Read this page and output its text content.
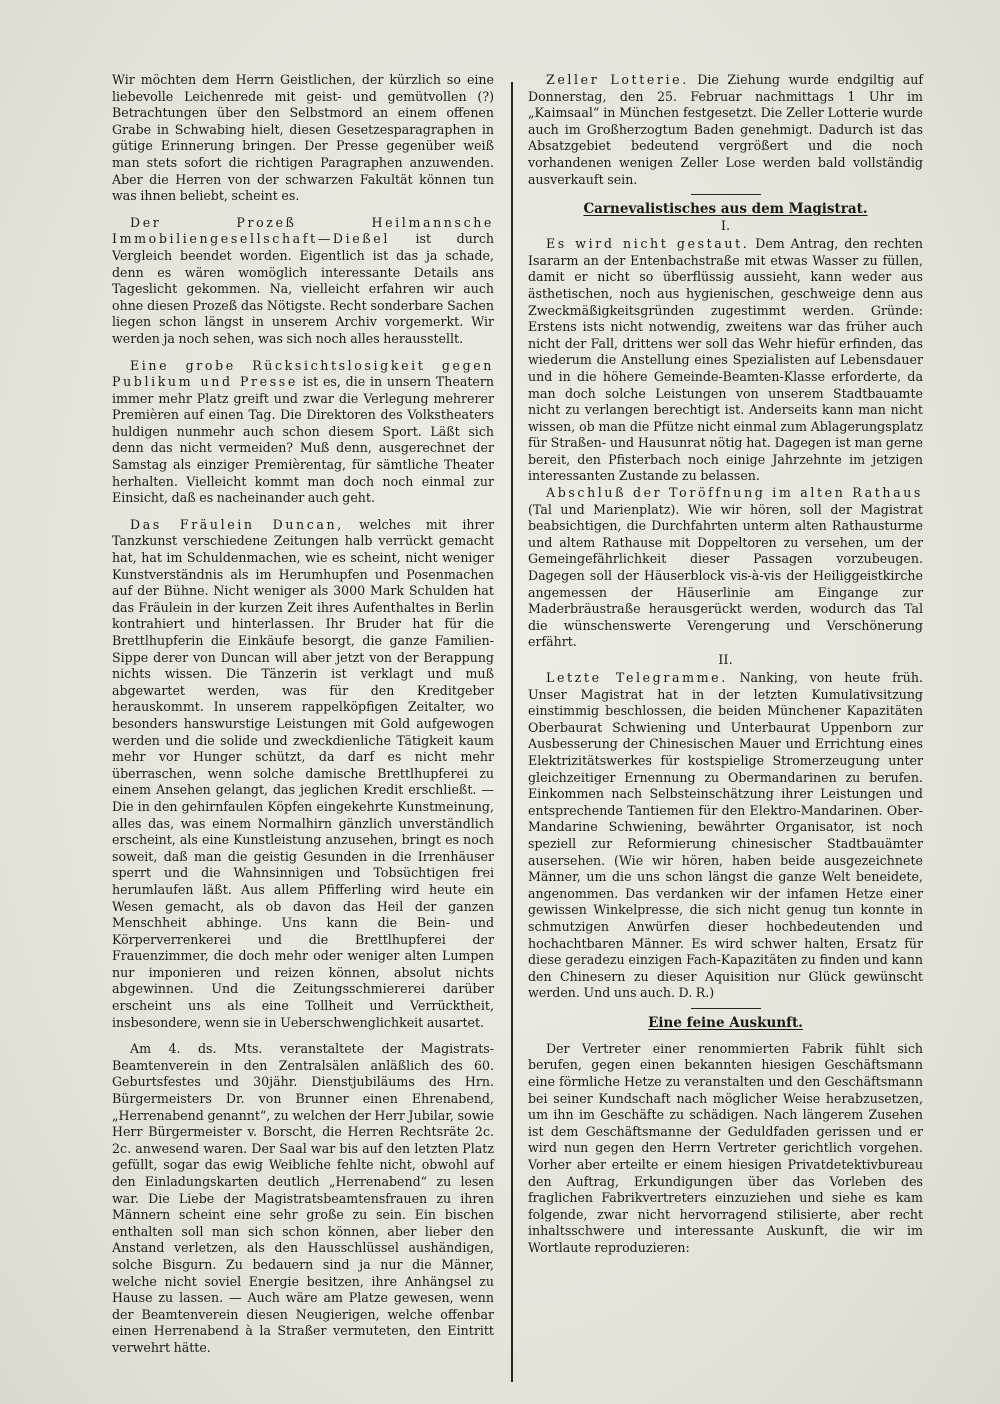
Wir möchten dem Herrn Geistlichen, der kürzlich so eine liebevolle Leichenrede mit geist- und gemütvollen (?) Betrachtungen über den Selbstmord an einem offenen Grabe in Schwabing hielt, diesen Gesetzesparagraphen in gütige Erinnerung bringen. Der Presse gegenüber weiß man stets sofort die richtigen Paragraphen anzuwenden. Aber die Herren von der schwarzen Fakultät können tun was ihnen beliebt, scheint es.

Der Prozeß Heilmannsche Immobiliengesellschaft—Dießel ist durch Vergleich beendet worden. Eigentlich ist das ja schade, denn es wären womöglich interessante Details ans Tageslicht gekommen. Na, vielleicht erfahren wir auch ohne diesen Prozeß das Nötigste. Recht sonderbare Sachen liegen schon längst in unserem Archiv vorgemerkt. Wir werden ja noch sehen, was sich noch alles herausstellt.

Eine grobe Rücksichtslosigkeit gegen Publikum und Presse ist es, die in unsern Theatern immer mehr Platz greift und zwar die Verlegung mehrerer Premièren auf einen Tag. Die Direktoren des Volkstheaters huldigen nunmehr auch schon diesem Sport. Läßt sich denn das nicht vermeiden? Muß denn, ausgerechnet der Samstag als einziger Premièrentag, für sämtliche Theater herhalten. Vielleicht kommt man doch noch einmal zur Einsicht, daß es nacheinander auch geht.

Das Fräulein Duncan, welches mit ihrer Tanzkunst verschiedene Zeitungen halb verrückt gemacht hat, hat im Schuldenmachen, wie es scheint, nicht weniger Kunstverständnis als im Herumhupfen und Posenmachen auf der Bühne. Nicht weniger als 3000 Mark Schulden hat das Fräulein in der kurzen Zeit ihres Aufenthaltes in Berlin kontrahiert und hinterlassen. Ihr Bruder hat für die Brettlhupferin die Einkäufe besorgt, die ganze Familien-Sippe derer von Duncan will aber jetzt von der Berappung nichts wissen. Die Tänzerin ist verklagt und muß abgewartet werden, was für den Kreditgeber herauskommt. In unserem rappelköpfigen Zeitalter, wo besonders hanswurstige Leistungen mit Gold aufgewogen werden und die solide und zweckdienliche Tätigkeit kaum mehr vor Hunger schützt, da darf es nicht mehr überraschen, wenn solche damische Brettlhupferei zu einem Ansehen gelangt, das jeglichen Kredit erschließt. — Die in den gehirnfaulen Köpfen eingekehrte Kunstmeinung, alles das, was einem Normalhirn gänzlich unverständlich erscheint, als eine Kunstleistung anzusehen, bringt es noch soweit, daß man die geistig Gesunden in die Irrenhäuser sperrt und die Wahnsinnigen und Tobsüchtigen frei herumlaufen läßt. Aus allem Pfifferling wird heute ein Wesen gemacht, als ob davon das Heil der ganzen Menschheit abhinge. Uns kann die Bein- und Körperverrenkerei und die Brettlhupferei der Frauenzimmer, die doch mehr oder weniger alten Lumpen nur imponieren und reizen können, absolut nichts abgewinnen. Und die Zeitungsschmiererei darüber erscheint uns als eine Tollheit und Verrücktheit, insbesondere, wenn sie in Ueberschwenglichkeit ausartet.

Am 4. ds. Mts. veranstaltete der Magistrats-Beamtenverein in den Zentralsälen anläßlich des 60. Geburtsfestes und 30jähr. Dienstjubiläums des Hrn. Bürgermeisters Dr. von Brunner einen Ehrenabend, „Herrenabend genannt“, zu welchen der Herr Jubilar, sowie Herr Bürgermeister v. Borscht, die Herren Rechtsräte 2c. 2c. anwesend waren. Der Saal war bis auf den letzten Platz gefüllt, sogar das ewig Weibliche fehlte nicht, obwohl auf den Einladungskarten deutlich „Herrenabend“ zu lesen war. Die Liebe der Magistratsbeamtensfrauen zu ihren Männern scheint eine sehr große zu sein. Ein bischen enthalten soll man sich schon können, aber lieber den Anstand verletzen, als den Hausschlüssel aushändigen, solche Bisgurn. Zu bedauern sind ja nur die Männer, welche nicht soviel Energie besitzen, ihre Anhängsel zu Hause zu lassen. — Auch wäre am Platze gewesen, wenn der Beamtenverein diesen Neugierigen, welche offenbar einen Herrenabend à la Straßer vermuteten, den Eintritt verwehrt hätte.

Zeller Lotterie. Die Ziehung wurde endgiltig auf Donnerstag, den 25. Februar nachmittags 1 Uhr im „Kaimsaal“ in München festgesetzt. Die Zeller Lotterie wurde auch im Großherzogtum Baden genehmigt. Dadurch ist das Absatzgebiet bedeutend vergrößert und die noch vorhandenen wenigen Zeller Lose werden bald vollständig ausverkauft sein.

Carnevalistisches aus dem Magistrat.
I.

Es wird nicht gestaut. Dem Antrag, den rechten Isararm an der Entenbachstraße mit etwas Wasser zu füllen, damit er nicht so überflüssig aussieht, kann weder aus ästhetischen, noch aus hygienischen, geschweige denn aus Zweckmäßigkeitsgründen zugestimmt werden. Gründe: Erstens ists nicht notwendig, zweitens war das früher auch nicht der Fall, drittens wer soll das Wehr hiefür erfinden, das wiederum die Anstellung eines Spezialisten auf Lebensdauer und in die höhere Gemeinde-Beamten-Klasse erforderte, da man doch solche Leistungen von unserem Stadtbauamte nicht zu verlangen berechtigt ist. Anderseits kann man nicht wissen, ob man die Pfütze nicht einmal zum Ablagerungsplatz für Straßen- und Hausunrat nötig hat. Dagegen ist man gerne bereit, den Pfisterbach noch einige Jahrzehnte im jetzigen interessanten Zustande zu belassen.

Abschluß der Toröffnung im alten Rathaus (Tal und Marienplatz). Wie wir hören, soll der Magistrat beabsichtigen, die Durchfahrten unterm alten Rathausturme und altem Rathause mit Doppeltoren zu versehen, um der Gemeingefährlichkeit dieser Passagen vorzubeugen. Dagegen soll der Häuserblock vis-à-vis der Heiliggeistkirche angemessen der Häuserlinie am Eingange zur Maderbräustraße herausgerückt werden, wodurch das Tal die wünschenswerte Verengerung und Verschönerung erfährt.

II.

Letzte Telegramme. Nanking, von heute früh. Unser Magistrat hat in der letzten Kumulativsitzung einstimmig beschlossen, die beiden Münchener Kapazitäten Oberbaurat Schwiening und Unterbaurat Uppenborn zur Ausbesserung der Chinesischen Mauer und Errichtung eines Elektrizitätswerkes für kostspielige Stromerzeugung unter gleichzeitiger Ernennung zu Obermandarinen zu berufen. Einkommen nach Selbsteinschätzung ihrer Leistungen und entsprechende Tantiemen für den Elektro-Mandarinen. Ober-Mandarine Schwiening, bewährter Organisator, ist noch speziell zur Reformierung chinesischer Stadtbauämter ausersehen. (Wie wir hören, haben beide ausgezeichnete Männer, um die uns schon längst die ganze Welt beneidete, angenommen. Das verdanken wir der infamen Hetze einer gewissen Winkelpresse, die sich nicht genug tun konnte in schmutzigen Anwürfen dieser hochbedeutenden und hochachtbaren Männer. Es wird schwer halten, Ersatz für diese geradezu einzigen Fach-Kapazitäten zu finden und kann den Chinesern zu dieser Aquisition nur Glück gewünscht werden. Und uns auch. D. R.)

Eine feine Auskunft.

Der Vertreter einer renommierten Fabrik fühlt sich berufen, gegen einen bekannten hiesigen Geschäftsmann eine förmliche Hetze zu veranstalten und den Geschäftsmann bei seiner Kundschaft nach möglicher Weise herabzusetzen, um ihn im Geschäfte zu schädigen. Nach längerem Zusehen ist dem Geschäftsmanne der Geduldfaden gerissen und er wird nun gegen den Herrn Vertreter gerichtlich vorgehen. Vorher aber erteilte er einem hiesigen Privatdetektivbureau den Auftrag, Erkundigungen über das Vorleben des fraglichen Fabrikvertreters einzuziehen und siehe es kam folgende, zwar nicht hervorragend stilisierte, aber recht inhaltsschwere und interessante Auskunft, die wir im Wortlaute reproduzieren:
